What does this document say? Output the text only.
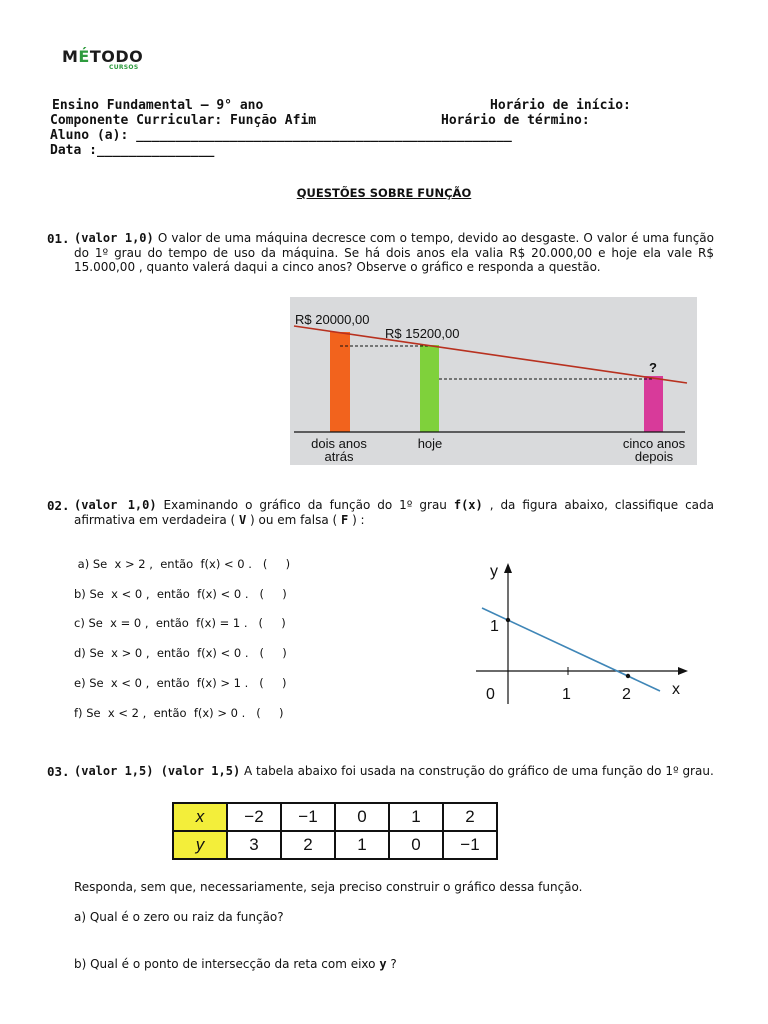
MÉTODO
CURSOS
Ensino Fundamental – 9° ano	Horário de início:
Componente Curricular: Função Afim	Horário de término:
Aluno (a): ________________________________________________
Data :_______________
QUESTÕES SOBRE FUNÇÃO
01. (valor 1,0) O valor de uma máquina decresce com o tempo, devido ao desgaste. O valor é uma função do 1º grau do tempo de uso da máquina. Se há dois anos ela valia R$ 20.000,00 e hoje ela vale R$ 15.000,00 , quanto valerá daqui a cinco anos? Observe o gráfico e responda a questão.
R$ 20000,00
R$ 15200,00
?
dois anos
atrás
hoje	cinco anos
depois
02. (valor 1,0) Examinando o gráfico da função do 1º grau f(x) , da figura abaixo, classifique cada afirmativa em verdadeira ( V ) ou em falsa ( F ) :
a) Se  x > 2 ,  então  f(x) < 0 .   (     )
b) Se  x < 0 ,  então  f(x) < 0 .   (     )
c) Se  x = 0 ,  então  f(x) = 1 .   (     )
d) Se  x > 0 ,  então  f(x) < 0 .   (     )
e) Se  x < 0 ,  então  f(x) > 1 .   (     )
f) Se  x < 2 ,  então  f(x) > 0 .   (     )
y
x
0	1	2
1
03. (valor 1,5) (valor 1,5) A tabela abaixo foi usada na construção do gráfico de uma função do 1º grau.
x	−2	−1	0	1	2
y	3	2	1	0	−1
Responda, sem que, necessariamente, seja preciso construir o gráfico dessa função.
a) Qual é o zero ou raiz da função?
b) Qual é o ponto de intersecção da reta com eixo y ?
